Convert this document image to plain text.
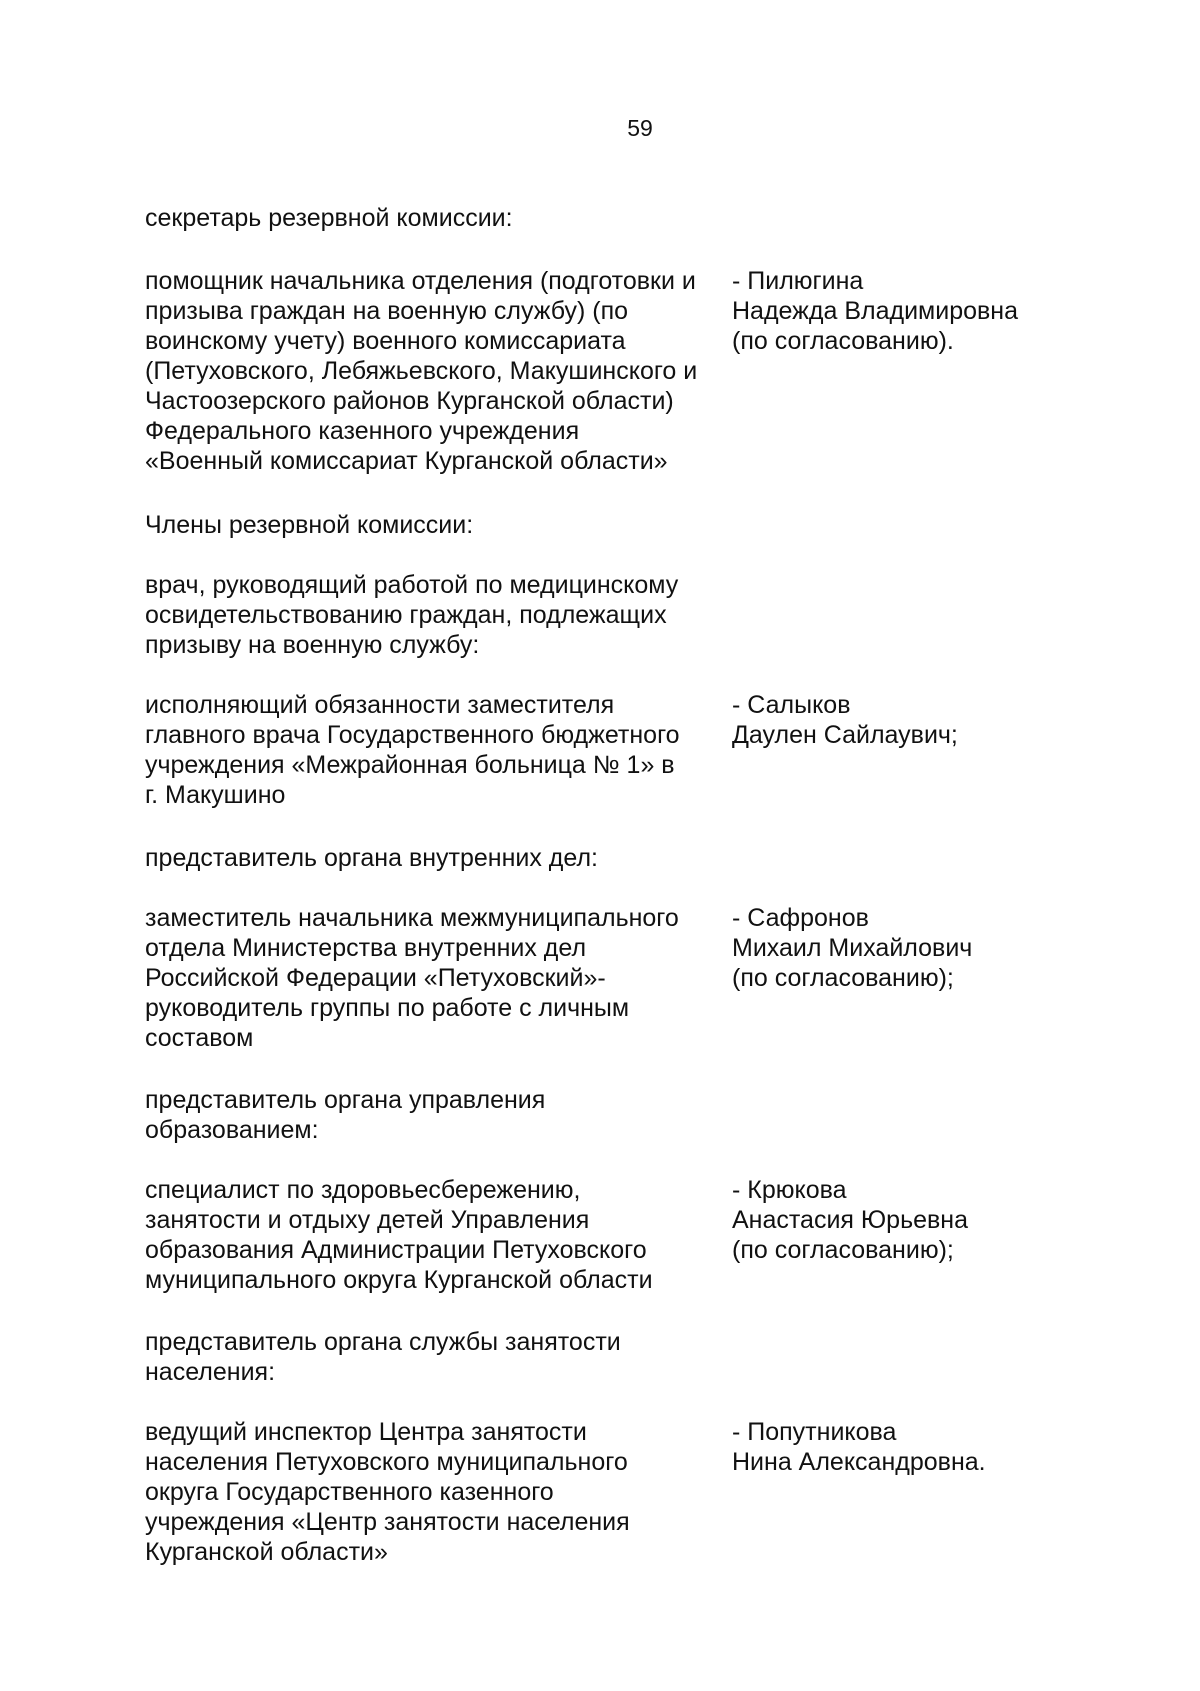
59
секретарь резервной комиссии:
помощник начальника отделения (подготовки и
призыва граждан на военную службу) (по
воинскому учету) военного комиссариата
(Петуховского, Лебяжьевского, Макушинского и
Частоозерского районов Курганской области)
Федерального казенного учреждения
«Военный комиссариат Курганской области»
- Пилюгина
Надежда Владимировна
(по согласованию).
Члены резервной комиссии:
врач, руководящий работой по медицинскому
освидетельствованию граждан, подлежащих
призыву на военную службу:
исполняющий обязанности заместителя
главного врача Государственного бюджетного
учреждения «Межрайонная больница № 1» в
г. Макушино
- Салыков
Даулен Сайлаувич;
представитель органа внутренних дел:
заместитель начальника межмуниципального
отдела Министерства внутренних дел
Российской Федерации «Петуховский»-
руководитель группы по работе с личным
составом
- Сафронов
Михаил Михайлович
(по согласованию);
представитель органа управления
образованием:
специалист по здоровьесбережению,
занятости и отдыху детей Управления
образования Администрации Петуховского
муниципального округа Курганской области
- Крюкова
Анастасия Юрьевна
(по согласованию);
представитель органа службы занятости
населения:
ведущий инспектор Центра занятости
населения Петуховского муниципального
округа Государственного казенного
учреждения «Центр занятости населения
Курганской области»
- Попутникова
Нина Александровна.
